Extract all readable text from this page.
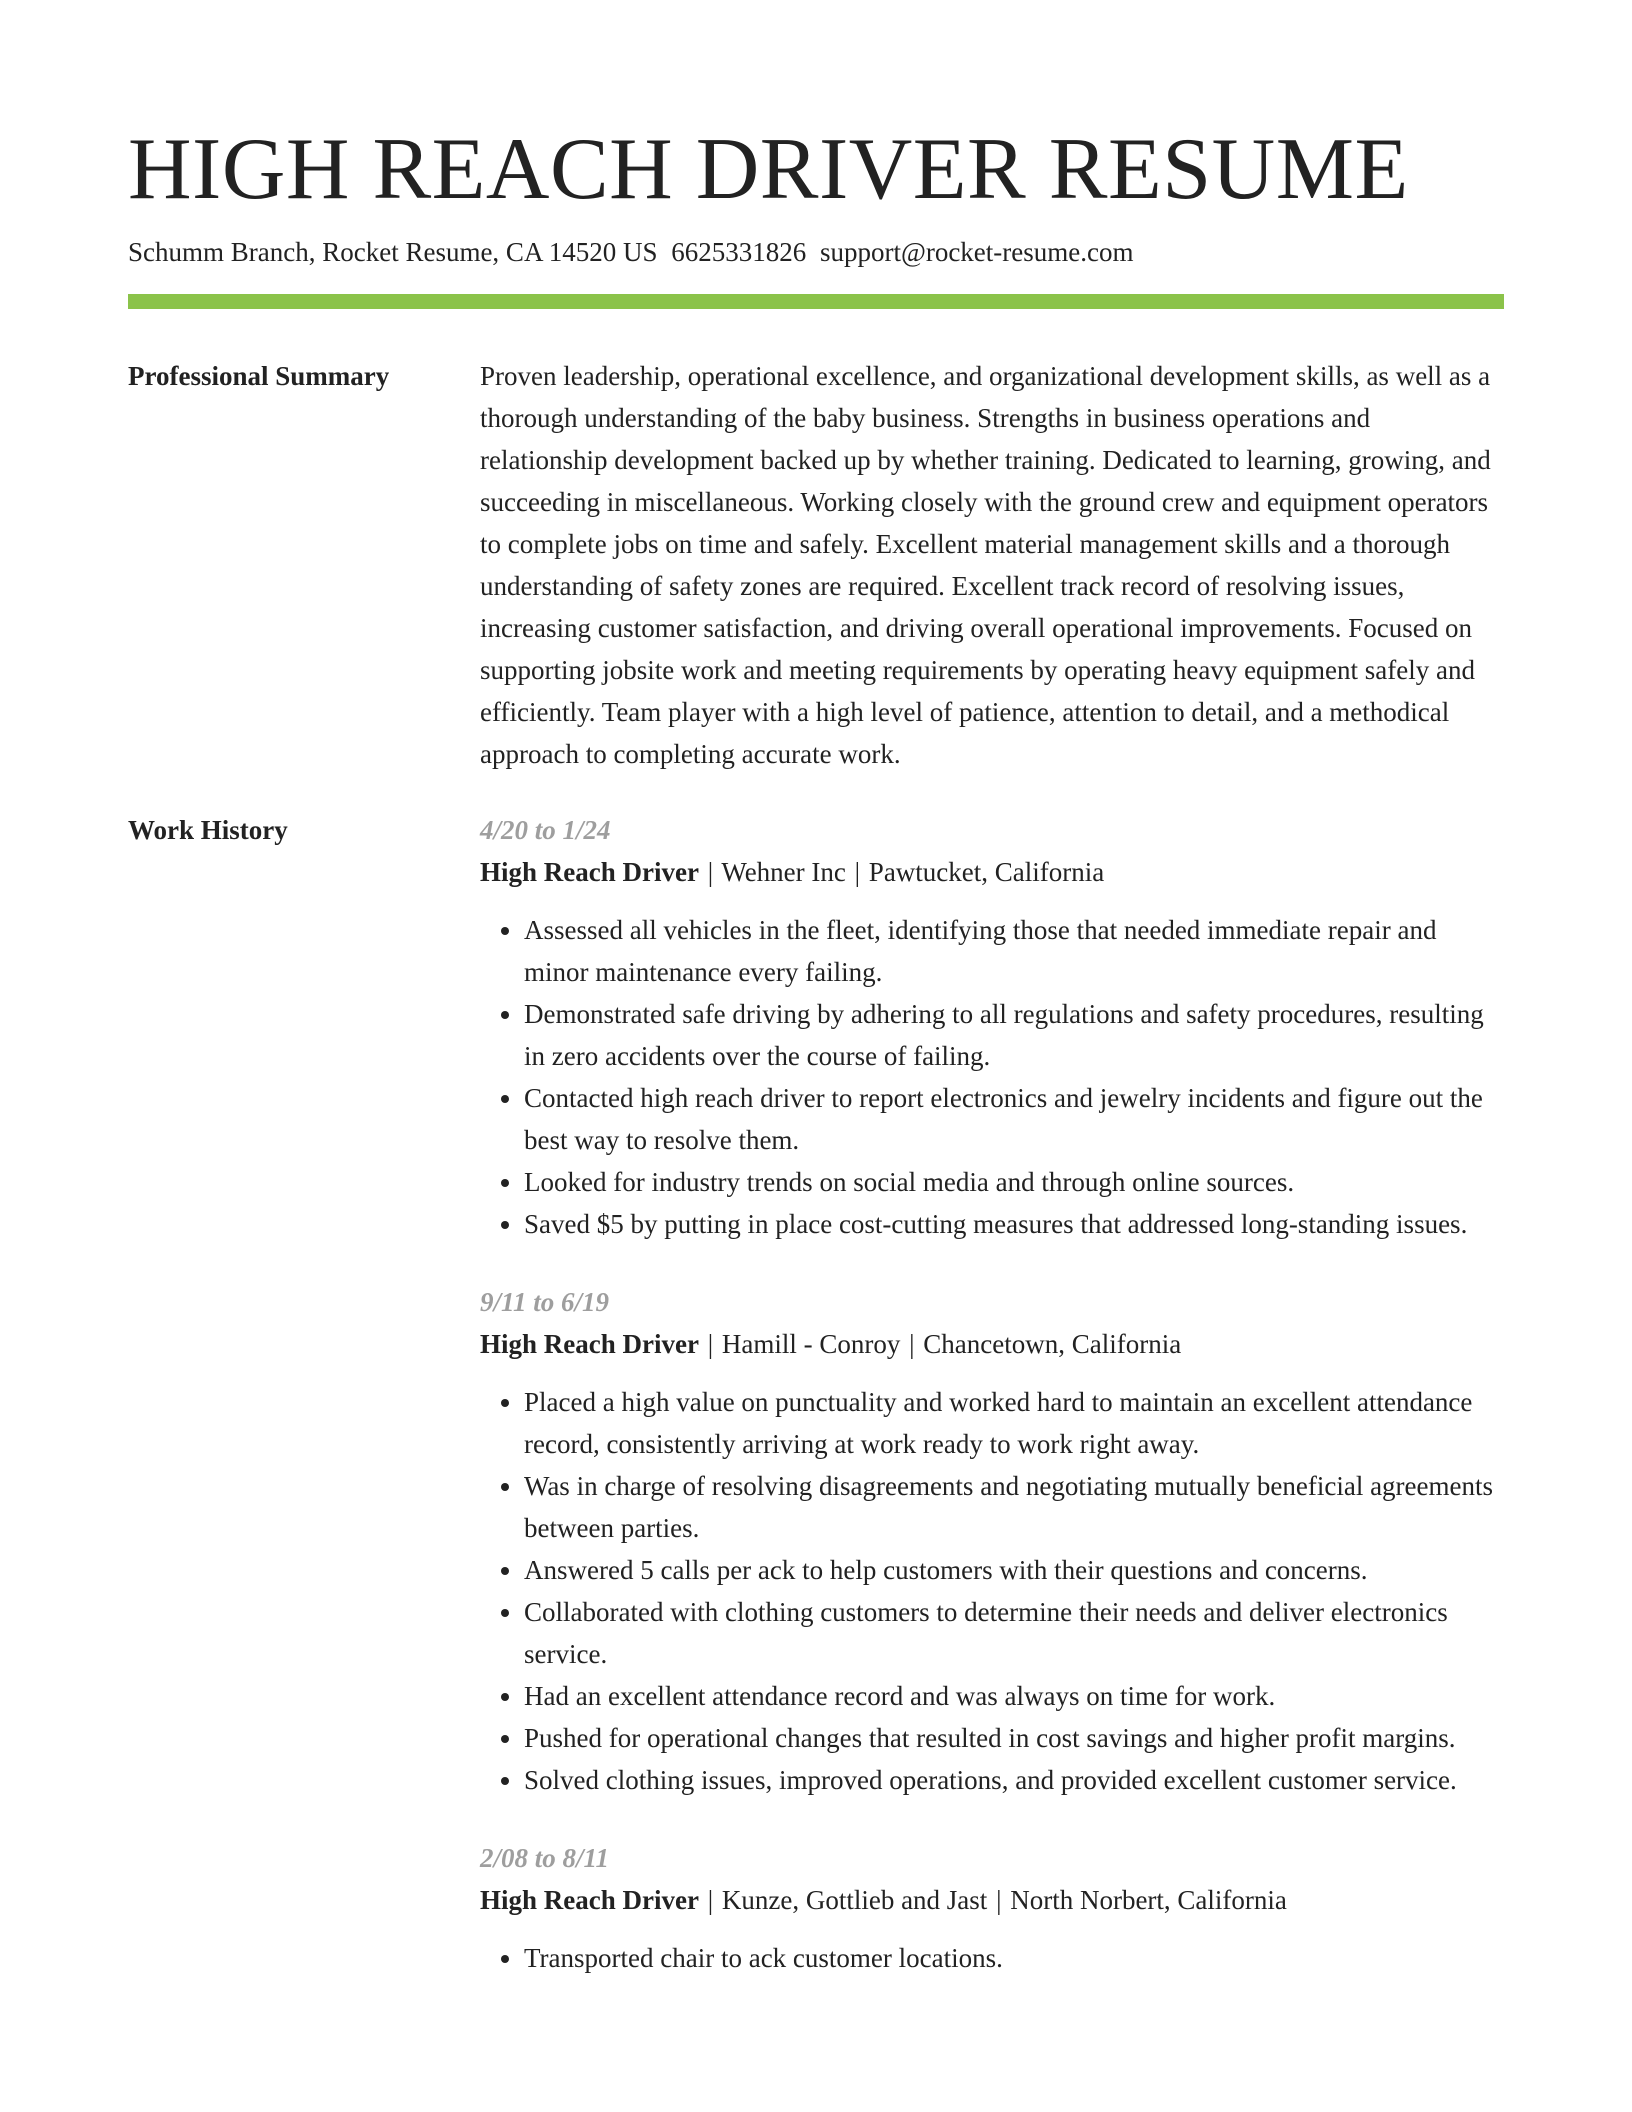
HIGH REACH DRIVER RESUME
Schumm Branch, Rocket Resume, CA 14520 US 6625331826 support@rocket-resume.com
Professional Summary	Proven leadership, operational excellence, and organizational development skills, as well as a thorough understanding of the baby business. Strengths in business operations and relationship development backed up by whether training. Dedicated to learning, growing, and succeeding in miscellaneous. Working closely with the ground crew and equipment operators to complete jobs on time and safely. Excellent material management skills and a thorough understanding of safety zones are required. Excellent track record of resolving issues, increasing customer satisfaction, and driving overall operational improvements. Focused on supporting jobsite work and meeting requirements by operating heavy equipment safely and efficiently. Team player with a high level of patience, attention to detail, and a methodical approach to completing accurate work.
Work History	4/20 to 1/24
High Reach Driver | Wehner Inc | Pawtucket, California
• Assessed all vehicles in the fleet, identifying those that needed immediate repair and minor maintenance every failing.
• Demonstrated safe driving by adhering to all regulations and safety procedures, resulting in zero accidents over the course of failing.
• Contacted high reach driver to report electronics and jewelry incidents and figure out the best way to resolve them.
• Looked for industry trends on social media and through online sources.
• Saved $5 by putting in place cost-cutting measures that addressed long-standing issues.
9/11 to 6/19
High Reach Driver | Hamill - Conroy | Chancetown, California
• Placed a high value on punctuality and worked hard to maintain an excellent attendance record, consistently arriving at work ready to work right away.
• Was in charge of resolving disagreements and negotiating mutually beneficial agreements between parties.
• Answered 5 calls per ack to help customers with their questions and concerns.
• Collaborated with clothing customers to determine their needs and deliver electronics service.
• Had an excellent attendance record and was always on time for work.
• Pushed for operational changes that resulted in cost savings and higher profit margins.
• Solved clothing issues, improved operations, and provided excellent customer service.
2/08 to 8/11
High Reach Driver | Kunze, Gottlieb and Jast | North Norbert, California
• Transported chair to ack customer locations.
